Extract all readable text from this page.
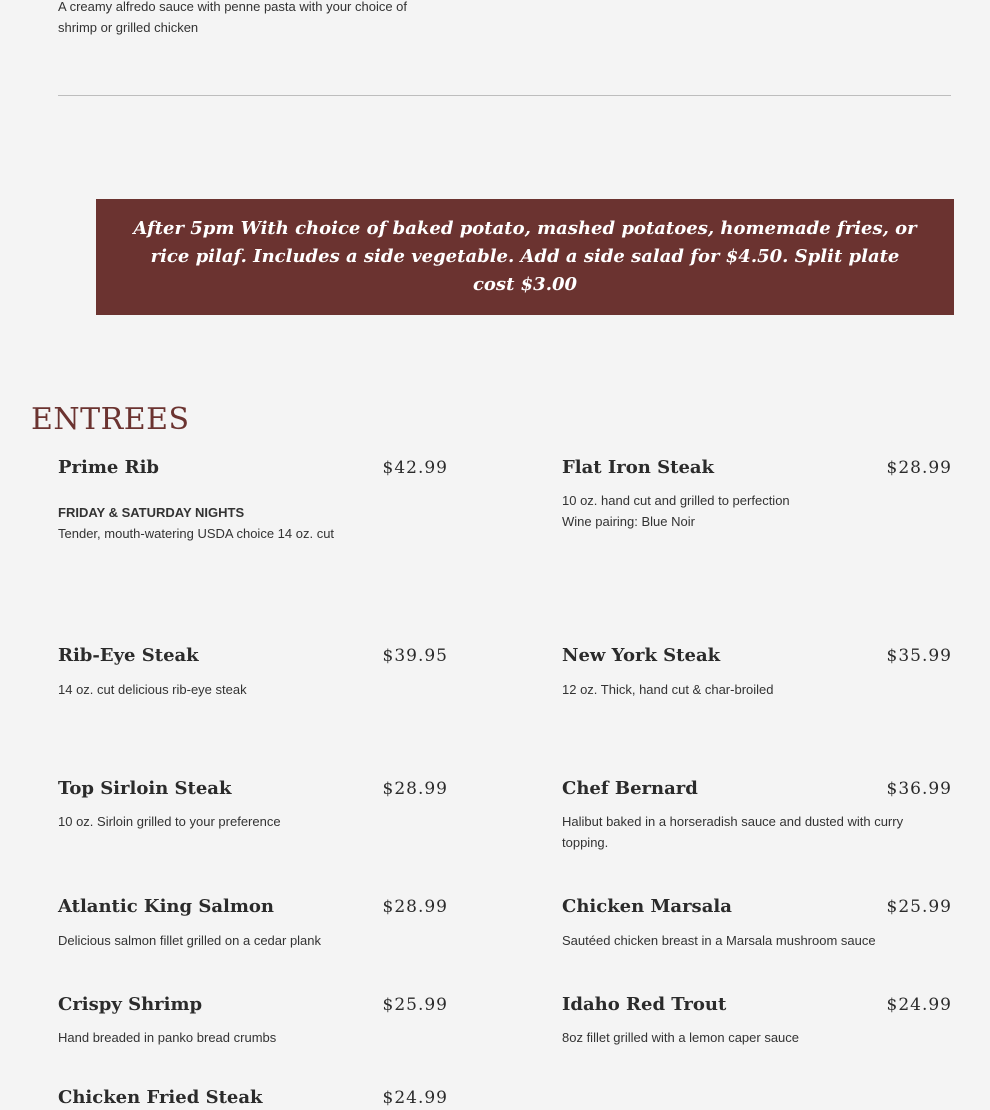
A creamy alfredo sauce with penne pasta with your choice of shrimp or grilled chicken
After 5pm With choice of baked potato, mashed potatoes, homemade fries, or rice pilaf. Includes a side vegetable. Add a side salad for $4.50. Split plate cost $3.00
ENTREES
Prime Rib	$42.99
FRIDAY & SATURDAY NIGHTS
Tender, mouth-watering USDA choice 14 oz. cut
Flat Iron Steak	$28.99
10 oz. hand cut and grilled to perfection
Wine pairing: Blue Noir
Rib-Eye Steak	$39.95
14 oz. cut delicious rib-eye steak
New York Steak	$35.99
12 oz. Thick, hand cut & char-broiled
Top Sirloin Steak	$28.99
10 oz. Sirloin grilled to your preference
Chef Bernard	$36.99
Halibut baked in a horseradish sauce and dusted with curry topping.
Atlantic King Salmon	$28.99
Delicious salmon fillet grilled on a cedar plank
Chicken Marsala	$25.99
Sautéed chicken breast in a Marsala mushroom sauce
Crispy Shrimp	$25.99
Hand breaded in panko bread crumbs
Idaho Red Trout	$24.99
8oz fillet grilled with a lemon caper sauce
Chicken Fried Steak	$24.99
